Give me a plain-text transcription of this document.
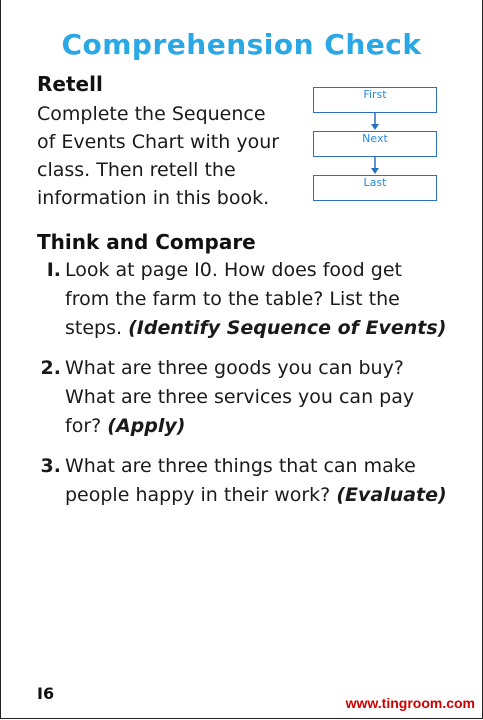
Comprehension Check
Retell
Complete the Sequence
of Events Chart with your
class. Then retell the
information in this book.
First
Next
Last
Think and Compare
I. Look at page I0. How does food get
from the farm to the table? List the
steps. (Identify Sequence of Events)
2. What are three goods you can buy?
What are three services you can pay
for? (Apply)
3. What are three things that can make
people happy in their work? (Evaluate)
I6	www.tingroom.com
